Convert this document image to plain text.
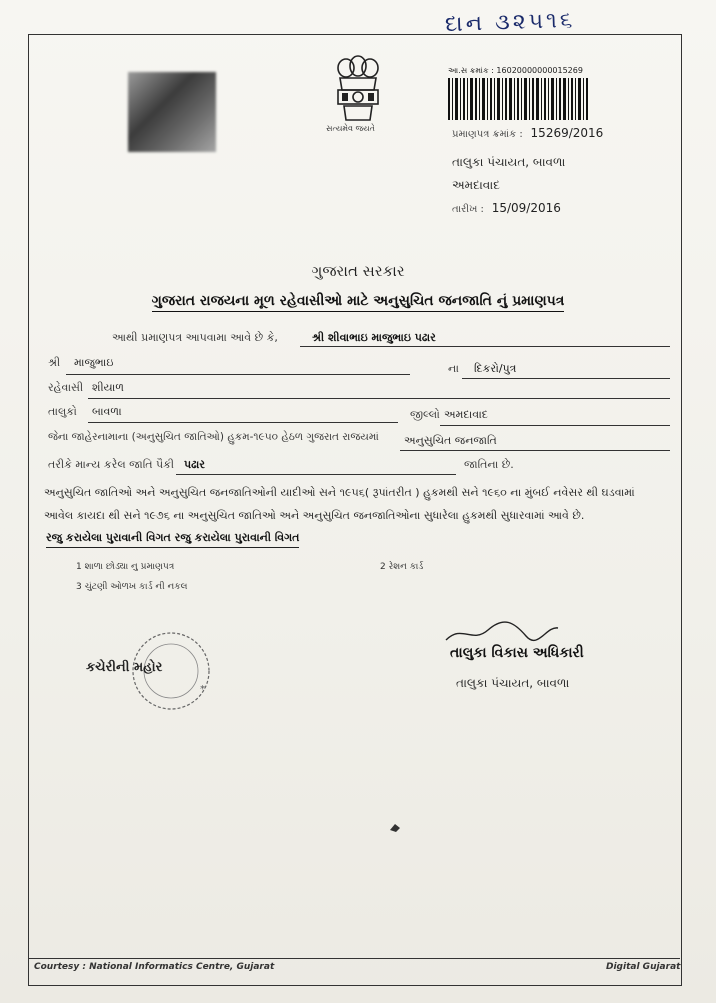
દાન ૩૨૫૧૬
સત્યમેવ જયતે
આ.સ ક્રમાંક : 16020000000015269
પ્રમાણપત્ર ક્રમાંક : 15269/2016
તાલુકા પંચાયત, બાવળા
અમદાવાદ
તારીખ : 15/09/2016
ગુજરાત સરકાર
ગુજરાત રાજયના મૂળ રહેવાસીઓ માટે અનુસુચિત જનજાતિ નું પ્રમાણપત્ર
આથી પ્રમાણપત્ર આપવામા આવે છે કે,	શ્રી શીવાભાઇ માજુભાઇ પઢાર
શ્રી માજુભાઇ	ના દિકરો/પુત્ર
રહેવાસી શીયાળ
તાલુકો બાવળા	જીલ્લો અમદાવાદ
જેના જાહેરનામાના (અનુસુચિત જાતિઓ) હુકમ-૧૯૫૦ હેઠળ ગુજરાત રાજયમાં અનુસુચિત જનજાતિ
તરીકે માન્ય કરેલ જાતિ પૈકી પઢાર	જાતિના છે.
અનુસુચિત જાતિઓ અને અનુસુચિત જનજાતિઓની યાદીઓ સને ૧૯૫૬( રૂપાંતરીત ) હુકમથી સને ૧૯૬૦ ના મુંબઈ નવેસર થી ઘડવામાં
આવેલ કાયદા થી સને ૧૯૭૬ ના અનુસુચિત જાતિઓ અને અનુસુચિત જનજાતિઓના સુધારેલા હુકમથી સુધારવામાં આવે છે.
રજુ કરાયેલા પુરાવાની વિગત રજુ કરાયેલા પુરાવાની વિગત
1 શાળા છોડ્યા નુ પ્રમાણપત્ર	2 રેશન કાર્ડ
3 ચુંટણી ઓળખ કાર્ડ ની નકલ
*
કચેરીની મહોર
તાલુકા વિકાસ અધિકારી
તાલુકા પંચાયત, બાવળા
Courtesy : National Informatics Centre, Gujarat	Digital Gujarat
